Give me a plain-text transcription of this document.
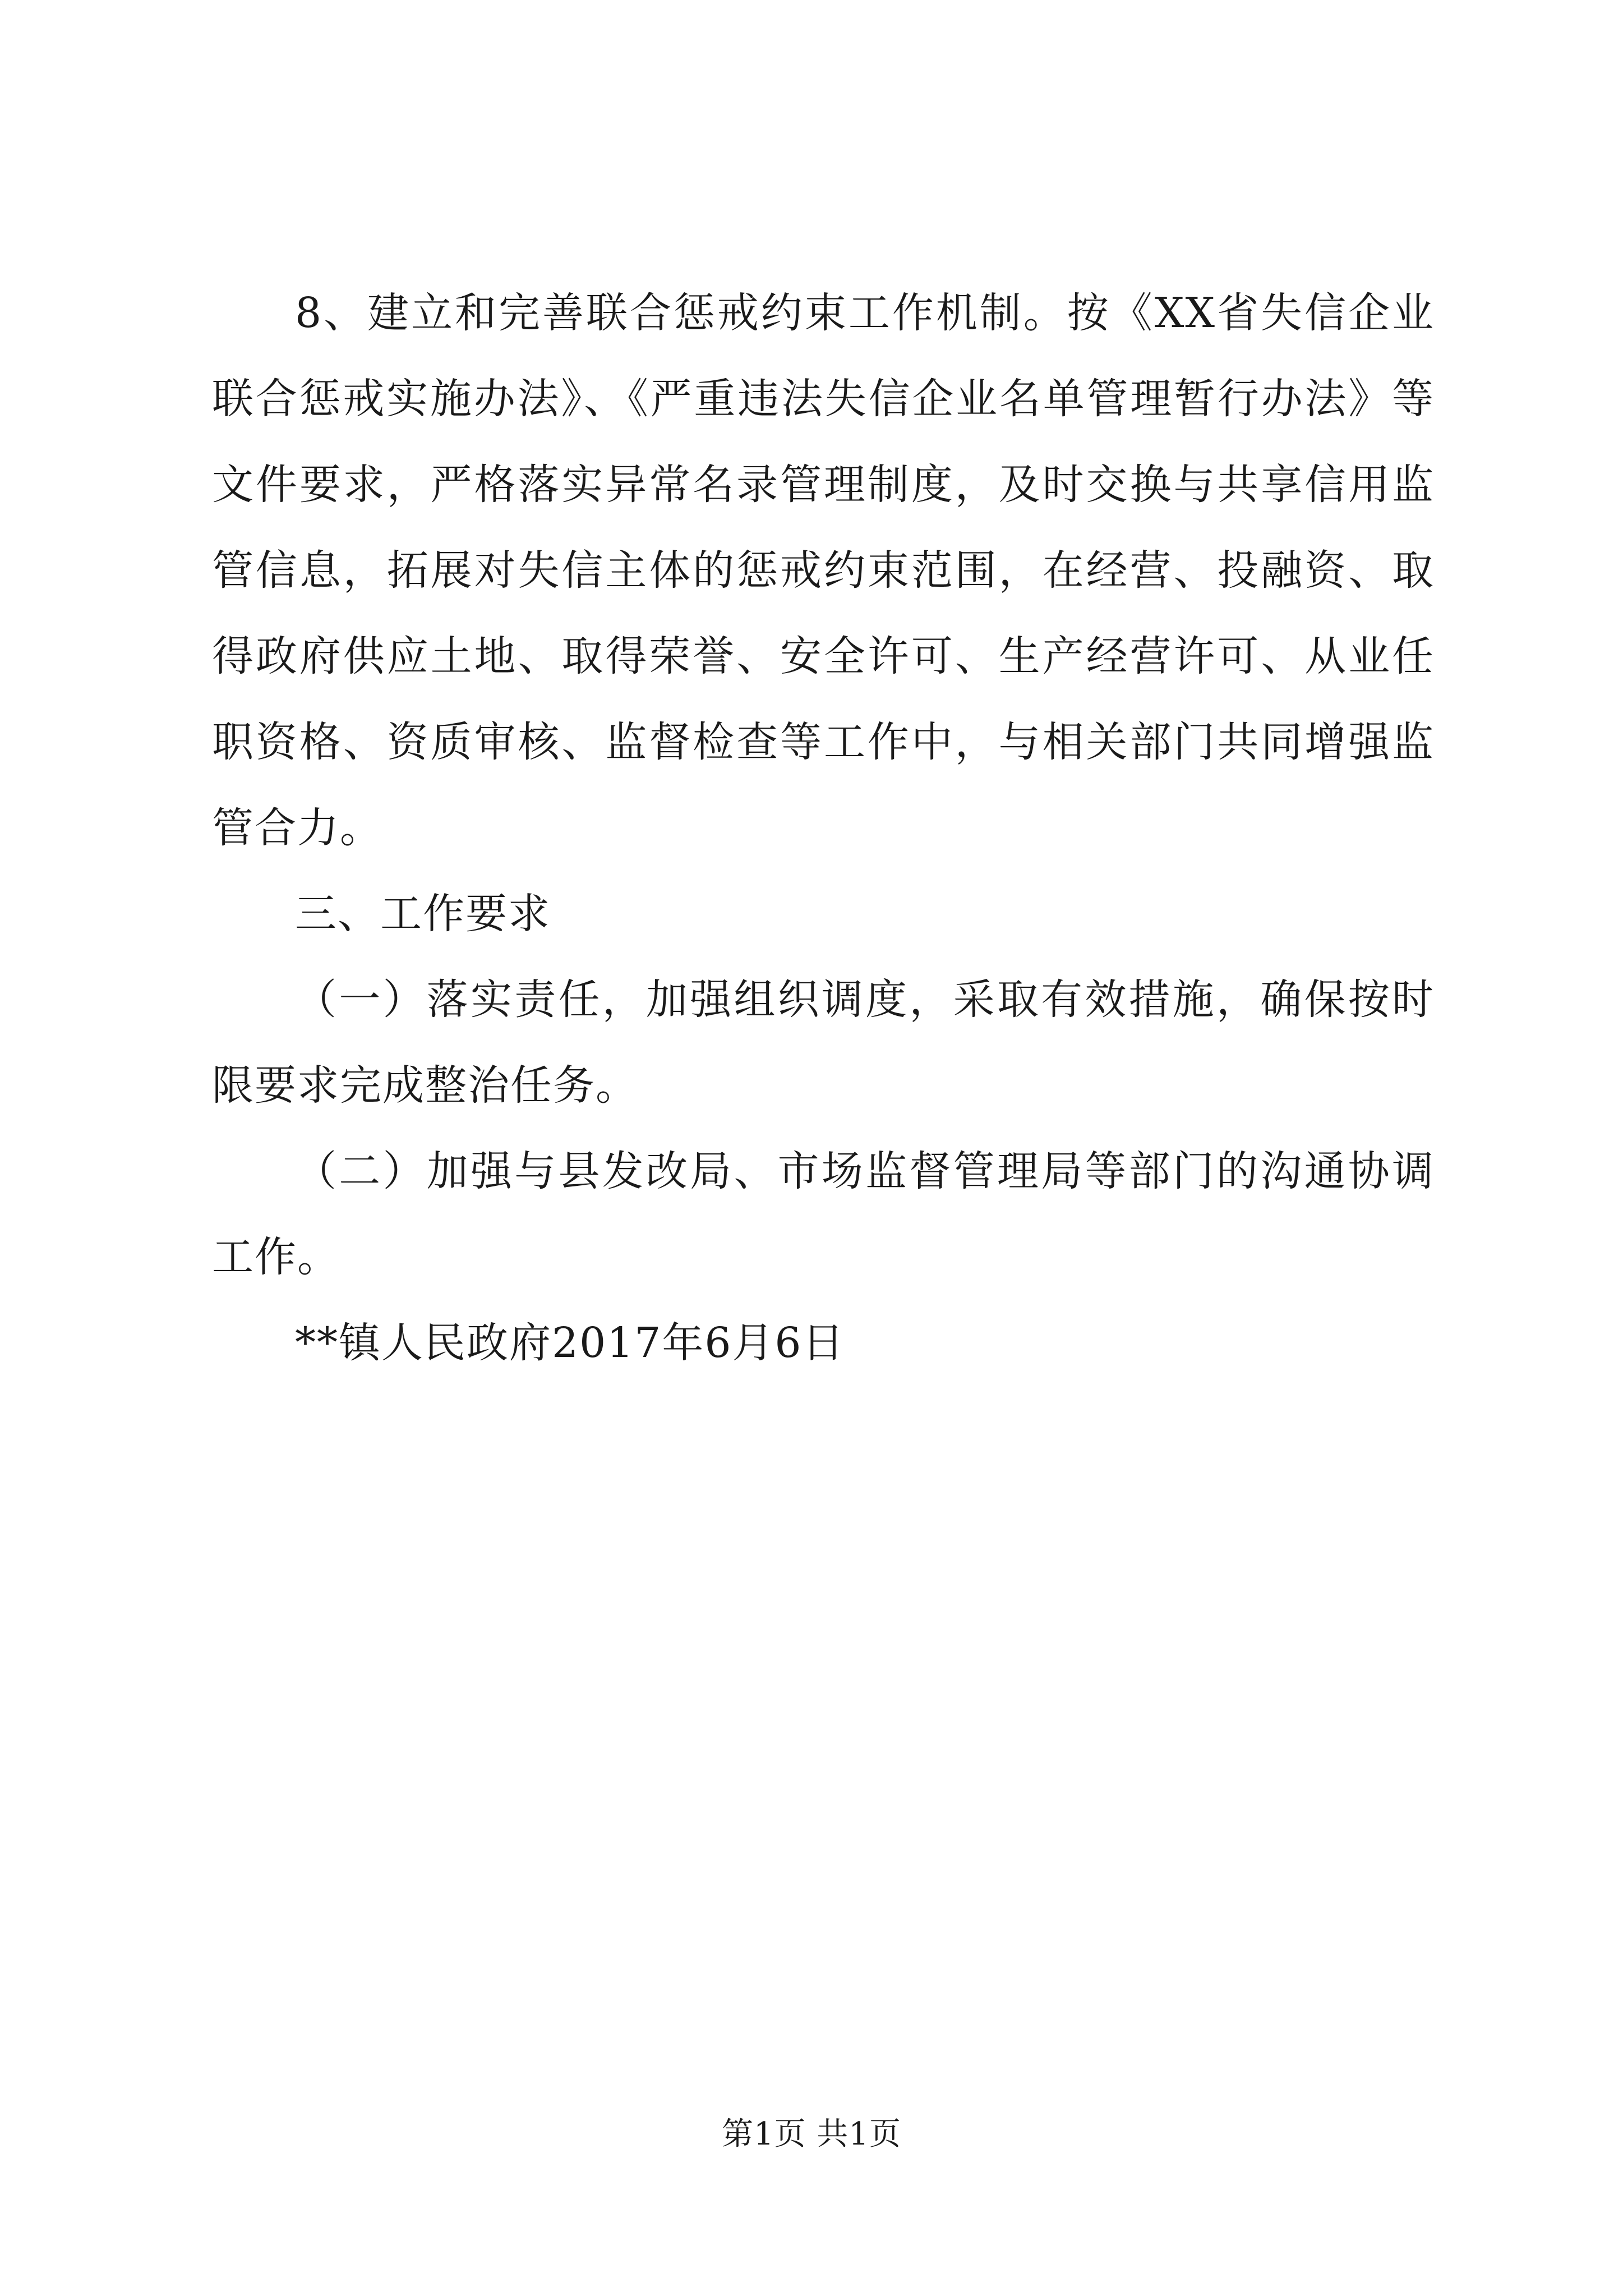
8、建立和完善联合惩戒约束工作机制。按《XX省失信企业联合惩戒实施办法》、《严重违法失信企业名单管理暂行办法》等文件要求，严格落实异常名录管理制度，及时交换与共享信用监管信息，拓展对失信主体的惩戒约束范围，在经营、投融资、取得政府供应土地、取得荣誉、安全许可、生产经营许可、从业任职资格、资质审核、监督检查等工作中，与相关部门共同增强监管合力。

三、工作要求

（一）落实责任，加强组织调度，采取有效措施，确保按时限要求完成整治任务。

（二）加强与县发改局、市场监督管理局等部门的沟通协调工作。

**镇人民政府2017年6月6日

第1页 共1页
